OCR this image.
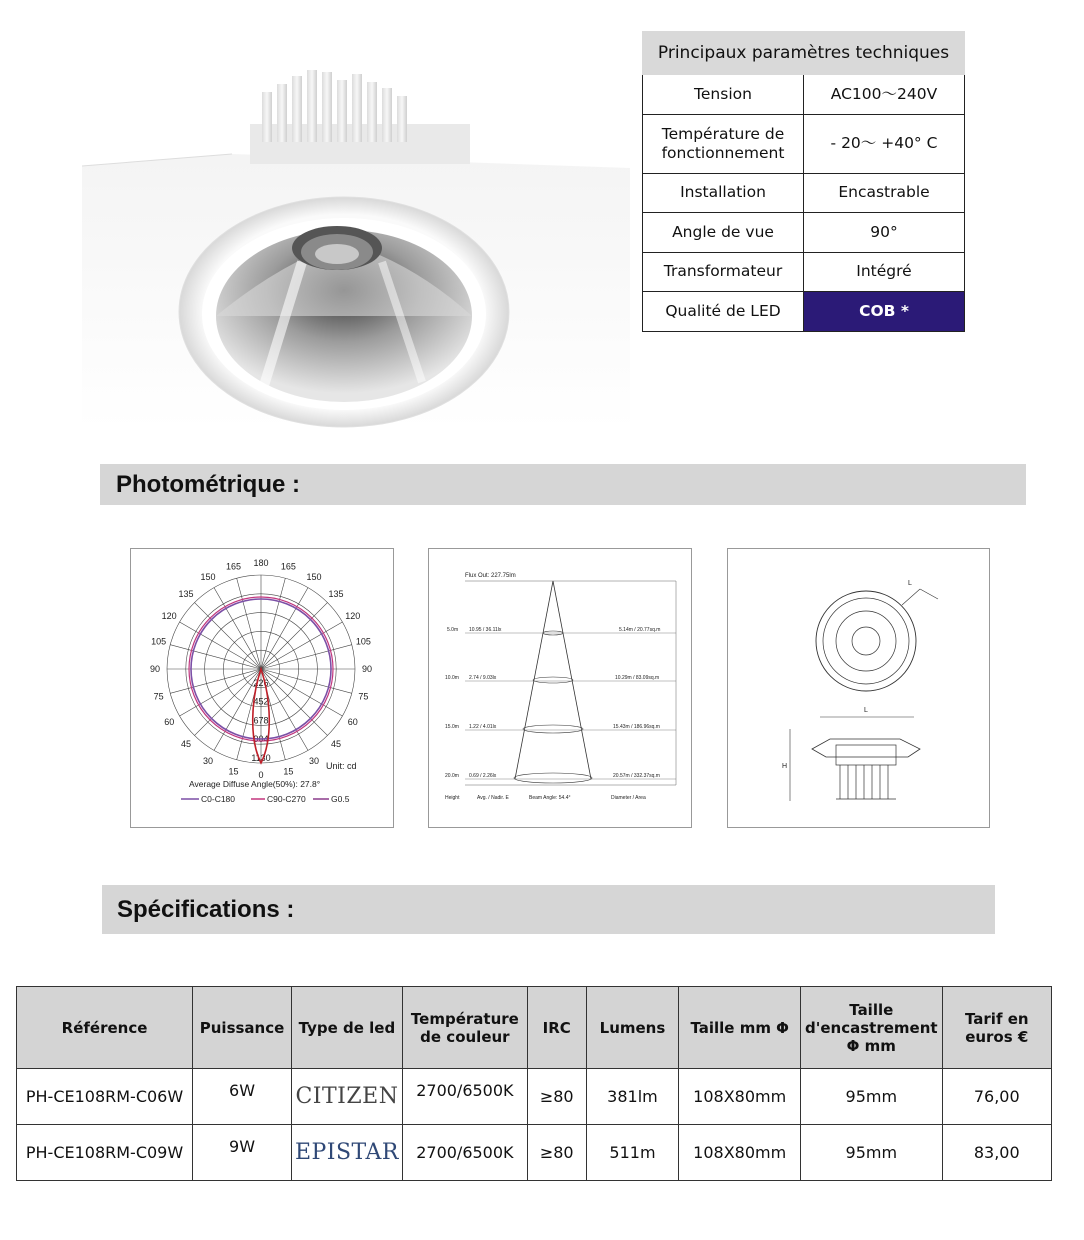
Principaux paramètres techniques	
Tension	AC100〜240V
Température de fonctionnement	- 20〜 +40° C
Installation	Encastrable
Angle de vue	90°
Transformateur	Intégré
Qualité de LED	COB *
Photométrique :
180
165	165
150	150
135	135
120	120
105	105
90	90
75	75
60	60
45	45
30	30
15	15
0
226
452
678
904
1130
Unit: cd
Average Diffuse Angle(50%): 27.8°
C0-C180	C90-C270	G0.5
Flux Out: 227.75lm
5.0m 10.95 / 36.11lx	5.14m / 20.77sq.m
10.0m 2.74 / 9.03lx	10.29m / 83.09sq.m
15.0m 1.22 / 4.01lx	15.43m / 186.96sq.m
20.0m 0.69 / 2.26lx	20.57m / 332.37sq.m
Height	Avg. / Nadir. E	Beam Angle: 54.4°	Diameter / Area
L
L
H
Spécifications :
Référence	Puissance	Type de led	Température de couleur	IRC	Lumens	Taille mm Φ	Taille d'encastrement Φ mm	Tarif en euros €
PH-CE108RM-C06W	6W	CITIZEN	2700/6500K	≥80	381lm	108X80mm	95mm	76,00
PH-CE108RM-C09W	9W	EPISTAR	2700/6500K	≥80	511m	108X80mm	95mm	83,00
